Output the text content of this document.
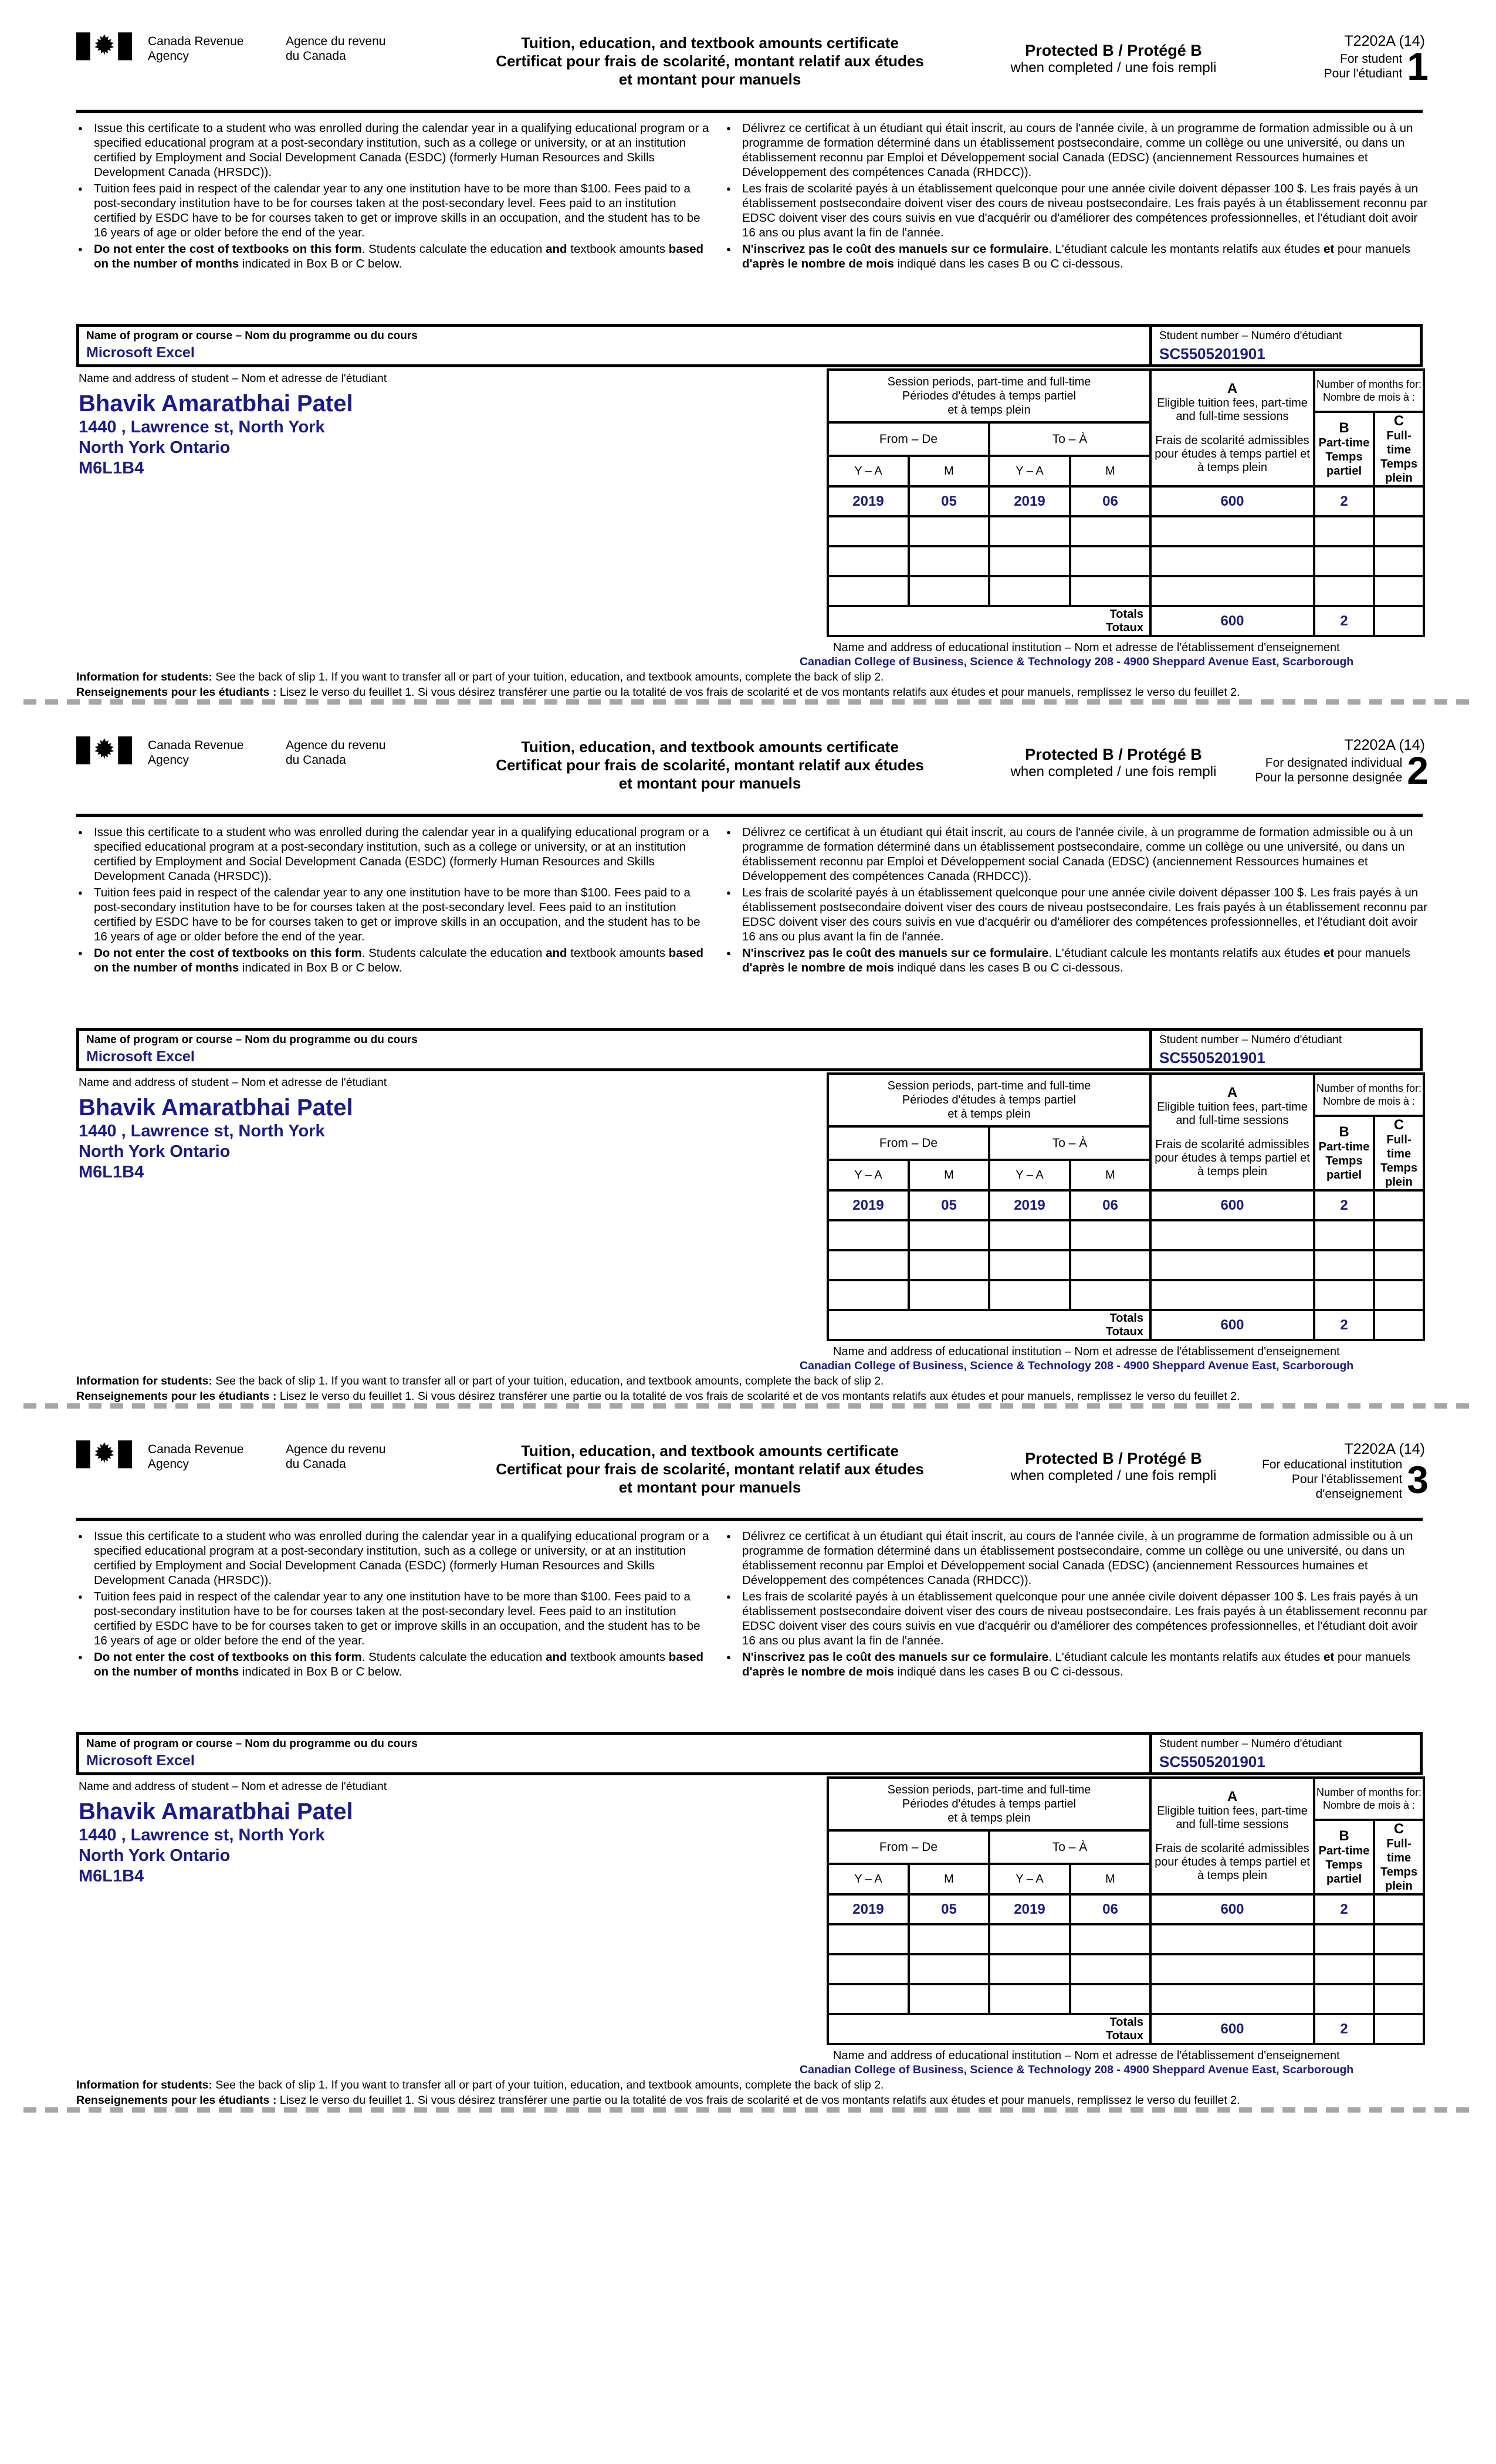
Canada Revenue
Agency
Agence du revenu
du Canada
Tuition, education, and textbook amounts certificate
Certificat pour frais de scolarité, montant relatif aux études
et montant pour manuels
Protected B / Protégé B
when completed / une fois rempli
T2202A (14)
For student
Pour l'étudiant 1
● Issue this certificate to a student who was enrolled during the calendar year in a qualifying educational program or a specified educational program at a post-secondary institution, such as a college or university, or at an institution certified by Employment and Social Development Canada (ESDC) (formerly Human Resources and Skills Development Canada (HRSDC)).
● Tuition fees paid in respect of the calendar year to any one institution have to be more than $100. Fees paid to a post-secondary institution have to be for courses taken at the post-secondary level. Fees paid to an institution certified by ESDC have to be for courses taken to get or improve skills in an occupation, and the student has to be 16 years of age or older before the end of the year.
● Do not enter the cost of textbooks on this form. Students calculate the education and textbook amounts based on the number of months indicated in Box B or C below.
● Délivrez ce certificat à un étudiant qui était inscrit, au cours de l'année civile, à un programme de formation admissible ou à un programme de formation déterminé dans un établissement postsecondaire, comme un collège ou une université, ou dans un établissement reconnu par Emploi et Développement social Canada (EDSC) (anciennement Ressources humaines et Développement des compétences Canada (RHDCC)).
● Les frais de scolarité payés à un établissement quelconque pour une année civile doivent dépasser 100 $. Les frais payés à un établissement postsecondaire doivent viser des cours de niveau postsecondaire. Les frais payés à un établissement reconnu par EDSC doivent viser des cours suivis en vue d'acquérir ou d'améliorer des compétences professionnelles, et l'étudiant doit avoir 16 ans ou plus avant la fin de l'année.
● N'inscrivez pas le coût des manuels sur ce formulaire. L'étudiant calcule les montants relatifs aux études et pour manuels d'après le nombre de mois indiqué dans les cases B ou C ci-dessous.
Name of program or course – Nom du programme ou du cours
Microsoft Excel
Student number – Numéro d'étudiant
SC5505201901
Name and address of student – Nom et adresse de l'étudiant
Bhavik Amaratbhai Patel
1440 , Lawrence st, North York
North York Ontario
M6L1B4
Session periods, part-time and full-time
Périodes d'études à temps partiel
et à temps plein
From – De	To – À
Y – A	M	Y – A	M
A
Eligible tuition fees, part-time and full-time sessions
Frais de scolarité admissibles pour études à temps partiel et à temps plein
Number of months for:
Nombre de mois à :
B
Part-time
Temps
partiel
C
Full-time
Temps
plein
2019	05	2019	06	600	2
Totals
Totaux	600	2
Name and address of educational institution – Nom et adresse de l'établissement d'enseignement
Canadian College of Business, Science & Technology 208 - 4900 Sheppard Avenue East, Scarborough
Information for students: See the back of slip 1. If you want to transfer all or part of your tuition, education, and textbook amounts, complete the back of slip 2.
Renseignements pour les étudiants : Lisez le verso du feuillet 1. Si vous désirez transférer une partie ou la totalité de vos frais de scolarité et de vos montants relatifs aux études et pour manuels, remplissez le verso du feuillet 2.
Canada Revenue
Agency
Agence du revenu
du Canada
Tuition, education, and textbook amounts certificate
Certificat pour frais de scolarité, montant relatif aux études
et montant pour manuels
Protected B / Protégé B
when completed / une fois rempli
T2202A (14)
For designated individual
Pour la personne designée 2
● Issue this certificate to a student who was enrolled during the calendar year in a qualifying educational program or a specified educational program at a post-secondary institution, such as a college or university, or at an institution certified by Employment and Social Development Canada (ESDC) (formerly Human Resources and Skills Development Canada (HRSDC)).
● Tuition fees paid in respect of the calendar year to any one institution have to be more than $100. Fees paid to a post-secondary institution have to be for courses taken at the post-secondary level. Fees paid to an institution certified by ESDC have to be for courses taken to get or improve skills in an occupation, and the student has to be 16 years of age or older before the end of the year.
● Do not enter the cost of textbooks on this form. Students calculate the education and textbook amounts based on the number of months indicated in Box B or C below.
● Délivrez ce certificat à un étudiant qui était inscrit, au cours de l'année civile, à un programme de formation admissible ou à un programme de formation déterminé dans un établissement postsecondaire, comme un collège ou une université, ou dans un établissement reconnu par Emploi et Développement social Canada (EDSC) (anciennement Ressources humaines et Développement des compétences Canada (RHDCC)).
● Les frais de scolarité payés à un établissement quelconque pour une année civile doivent dépasser 100 $. Les frais payés à un établissement postsecondaire doivent viser des cours de niveau postsecondaire. Les frais payés à un établissement reconnu par EDSC doivent viser des cours suivis en vue d'acquérir ou d'améliorer des compétences professionnelles, et l'étudiant doit avoir 16 ans ou plus avant la fin de l'année.
● N'inscrivez pas le coût des manuels sur ce formulaire. L'étudiant calcule les montants relatifs aux études et pour manuels d'après le nombre de mois indiqué dans les cases B ou C ci-dessous.
Name of program or course – Nom du programme ou du cours
Microsoft Excel
Student number – Numéro d'étudiant
SC5505201901
Name and address of student – Nom et adresse de l'étudiant
Bhavik Amaratbhai Patel
1440 , Lawrence st, North York
North York Ontario
M6L1B4
Session periods, part-time and full-time
Périodes d'études à temps partiel
et à temps plein
From – De	To – À
Y – A	M	Y – A	M
A
Eligible tuition fees, part-time and full-time sessions
Frais de scolarité admissibles pour études à temps partiel et à temps plein
Number of months for:
Nombre de mois à :
B
Part-time
Temps
partiel
C
Full-time
Temps
plein
2019	05	2019	06	600	2
Totals
Totaux	600	2
Name and address of educational institution – Nom et adresse de l'établissement d'enseignement
Canadian College of Business, Science & Technology 208 - 4900 Sheppard Avenue East, Scarborough
Information for students: See the back of slip 1. If you want to transfer all or part of your tuition, education, and textbook amounts, complete the back of slip 2.
Renseignements pour les étudiants : Lisez le verso du feuillet 1. Si vous désirez transférer une partie ou la totalité de vos frais de scolarité et de vos montants relatifs aux études et pour manuels, remplissez le verso du feuillet 2.
Canada Revenue
Agency
Agence du revenu
du Canada
Tuition, education, and textbook amounts certificate
Certificat pour frais de scolarité, montant relatif aux études
et montant pour manuels
Protected B / Protégé B
when completed / une fois rempli
T2202A (14)
For educational institution
Pour l'établissement d'enseignement 3
● Issue this certificate to a student who was enrolled during the calendar year in a qualifying educational program or a specified educational program at a post-secondary institution, such as a college or university, or at an institution certified by Employment and Social Development Canada (ESDC) (formerly Human Resources and Skills Development Canada (HRSDC)).
● Tuition fees paid in respect of the calendar year to any one institution have to be more than $100. Fees paid to a post-secondary institution have to be for courses taken at the post-secondary level. Fees paid to an institution certified by ESDC have to be for courses taken to get or improve skills in an occupation, and the student has to be 16 years of age or older before the end of the year.
● Do not enter the cost of textbooks on this form. Students calculate the education and textbook amounts based on the number of months indicated in Box B or C below.
● Délivrez ce certificat à un étudiant qui était inscrit, au cours de l'année civile, à un programme de formation admissible ou à un programme de formation déterminé dans un établissement postsecondaire, comme un collège ou une université, ou dans un établissement reconnu par Emploi et Développement social Canada (EDSC) (anciennement Ressources humaines et Développement des compétences Canada (RHDCC)).
● Les frais de scolarité payés à un établissement quelconque pour une année civile doivent dépasser 100 $. Les frais payés à un établissement postsecondaire doivent viser des cours de niveau postsecondaire. Les frais payés à un établissement reconnu par EDSC doivent viser des cours suivis en vue d'acquérir ou d'améliorer des compétences professionnelles, et l'étudiant doit avoir 16 ans ou plus avant la fin de l'année.
● N'inscrivez pas le coût des manuels sur ce formulaire. L'étudiant calcule les montants relatifs aux études et pour manuels d'après le nombre de mois indiqué dans les cases B ou C ci-dessous.
Name of program or course – Nom du programme ou du cours
Microsoft Excel
Student number – Numéro d'étudiant
SC5505201901
Name and address of student – Nom et adresse de l'étudiant
Bhavik Amaratbhai Patel
1440 , Lawrence st, North York
North York Ontario
M6L1B4
Session periods, part-time and full-time
Périodes d'études à temps partiel
et à temps plein
From – De	To – À
Y – A	M	Y – A	M
A
Eligible tuition fees, part-time and full-time sessions
Frais de scolarité admissibles pour études à temps partiel et à temps plein
Number of months for:
Nombre de mois à :
B
Part-time
Temps
partiel
C
Full-time
Temps
plein
2019	05	2019	06	600	2
Totals
Totaux	600	2
Name and address of educational institution – Nom et adresse de l'établissement d'enseignement
Canadian College of Business, Science & Technology 208 - 4900 Sheppard Avenue East, Scarborough
Information for students: See the back of slip 1. If you want to transfer all or part of your tuition, education, and textbook amounts, complete the back of slip 2.
Renseignements pour les étudiants : Lisez le verso du feuillet 1. Si vous désirez transférer une partie ou la totalité de vos frais de scolarité et de vos montants relatifs aux études et pour manuels, remplissez le verso du feuillet 2.
